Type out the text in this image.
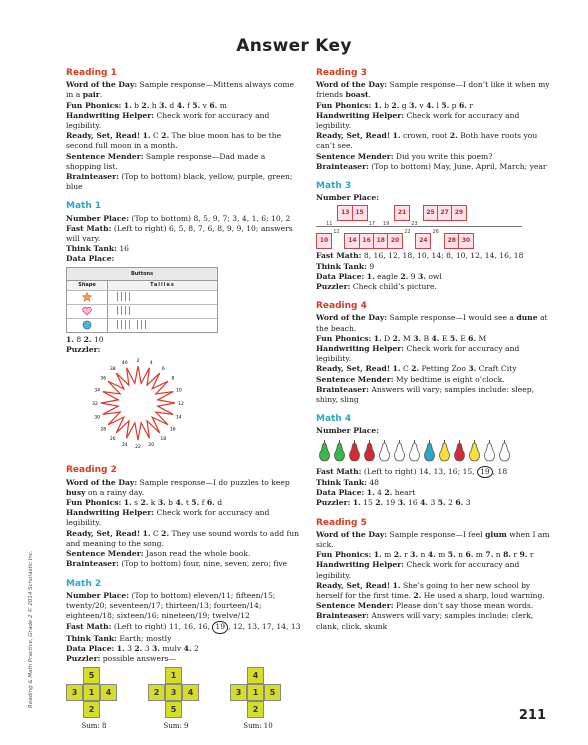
Answer Key
Reading 1

Word of the Day: Sample response—Mittens always come in a pair.

Fun Phonics: 1. b 2. h 3. d 4. f 5. v 6. m

Handwriting Helper: Check work for accuracy and legibility.

Ready, Set, Read! 1. C 2. The blue moon has to be the second full moon in a month.

Sentence Mender: Sample response—Dad made a shopping list.

Brainteaser: (Top to bottom) black, yellow, purple, green; blue

Math 1

Number Place: (Top to bottom) 8, 5, 9, 7; 3, 4, 1, 6; 10, 2

Fast Math: (Left to right) 6, 5, 8, 7, 6, 8, 9, 9, 10; answers will vary.

Think Tank: 16

Data Place:

Buttons
Shape	Tallies
||||
||||
|||| |||

1. 8 2. 10

Puzzler:

2 4
6
8
10
12
14
16
18
20
22
24
26
28
30
32
34
36
38
40
Reading 2

Word of the Day: Sample response—I do puzzles to keep busy on a rainy day.

Fun Phonics: 1. s 2. k 3. b 4. t 5. f 6. d

Handwriting Helper: Check work for accuracy and legibility.

Ready, Set, Read! 1. C 2. They use sound words to add fun and meaning to the song.

Sentence Mender: Jason read the whole book.

Brainteaser: (Top to bottom) four, nine, seven, zero; five

Math 2

Number Place: (Top to bottom) eleven/11; fifteen/15; twenty/20; seventeen/17; thirteen/13; fourteen/14; eighteen/18; sixteen/16; nineteen/19; twelve/12

Fast Math: (Left to right) 11, 16, 16, 19 , 12, 13, 17, 14, 13

Think Tank: Earth; mostly

Data Place: 1. 3 2. 3 3. mulv 4. 2

Puzzler: possible answers—

5
3	1	4
2
Sum: 8
1
2	3	4
5
Sum: 9
4
3	1	5
2
Sum: 10
Reading 3

Word of the Day: Sample response—I don’t like it when my friends boast.

Fun Phonics: 1. b 2. g 3. v 4. l 5. p 6. r

Handwriting Helper: Check work for accuracy and legibility.

Ready, Set, Read! 1. crown, root 2. Both have roots you can’t see.

Sentence Mender: Did you write this poem?

Brainteaser: (Top to bottom) May, June, April, March; year

Math 3

Number Place:

13 15	21	25 27 29
10	14 16 18 20	24	28 30
11
12
17 19
22
23
26

Fast Math: 8, 16, 12, 18, 10, 14; 8, 10, 12, 14, 16, 18

Think Tank: 9

Data Place: 1. eagle 2. 9 3. owl

Puzzler: Check child’s picture.

Reading 4

Word of the Day: Sample response—I would see a dune at the beach.

Fun Phonics: 1. D 2. M 3. B 4. E 5. E 6. M

Handwriting Helper: Check work for accuracy and legibility.

Ready, Set, Read! 1. C 2. Petting Zoo 3. Craft City

Sentence Mender: My bedtime is eight o’clock.

Brainteaser: Answers will vary; samples include: sleep, shiny, sling

Math 4

Number Place:

Fast Math: (Left to right) 14, 13, 16; 15, 19 , 18

Think Tank: 48

Data Place: 1. 4 2. heart

Puzzler: 1. 15 2. 19 3. 16 4. 3 5. 2 6. 3

Reading 5

Word of the Day: Sample response—I feel glum when I am sick.

Fun Phonics: 1. m 2. r 3. n 4. m 5. n 6. m 7. n 8. r 9. r

Handwriting Helper: Check work for accuracy and legibility.

Ready, Set, Read! 1. She’s going to her new school by herself for the first time. 2. He used a sharp, loud warning.

Sentence Mender: Please don’t say those mean words.

Brainteaser: Answers will vary; samples include: clerk, clank, click, skunk

Reading & Math Practice, Grade 2 © 2014 Scholastic Inc.
211
